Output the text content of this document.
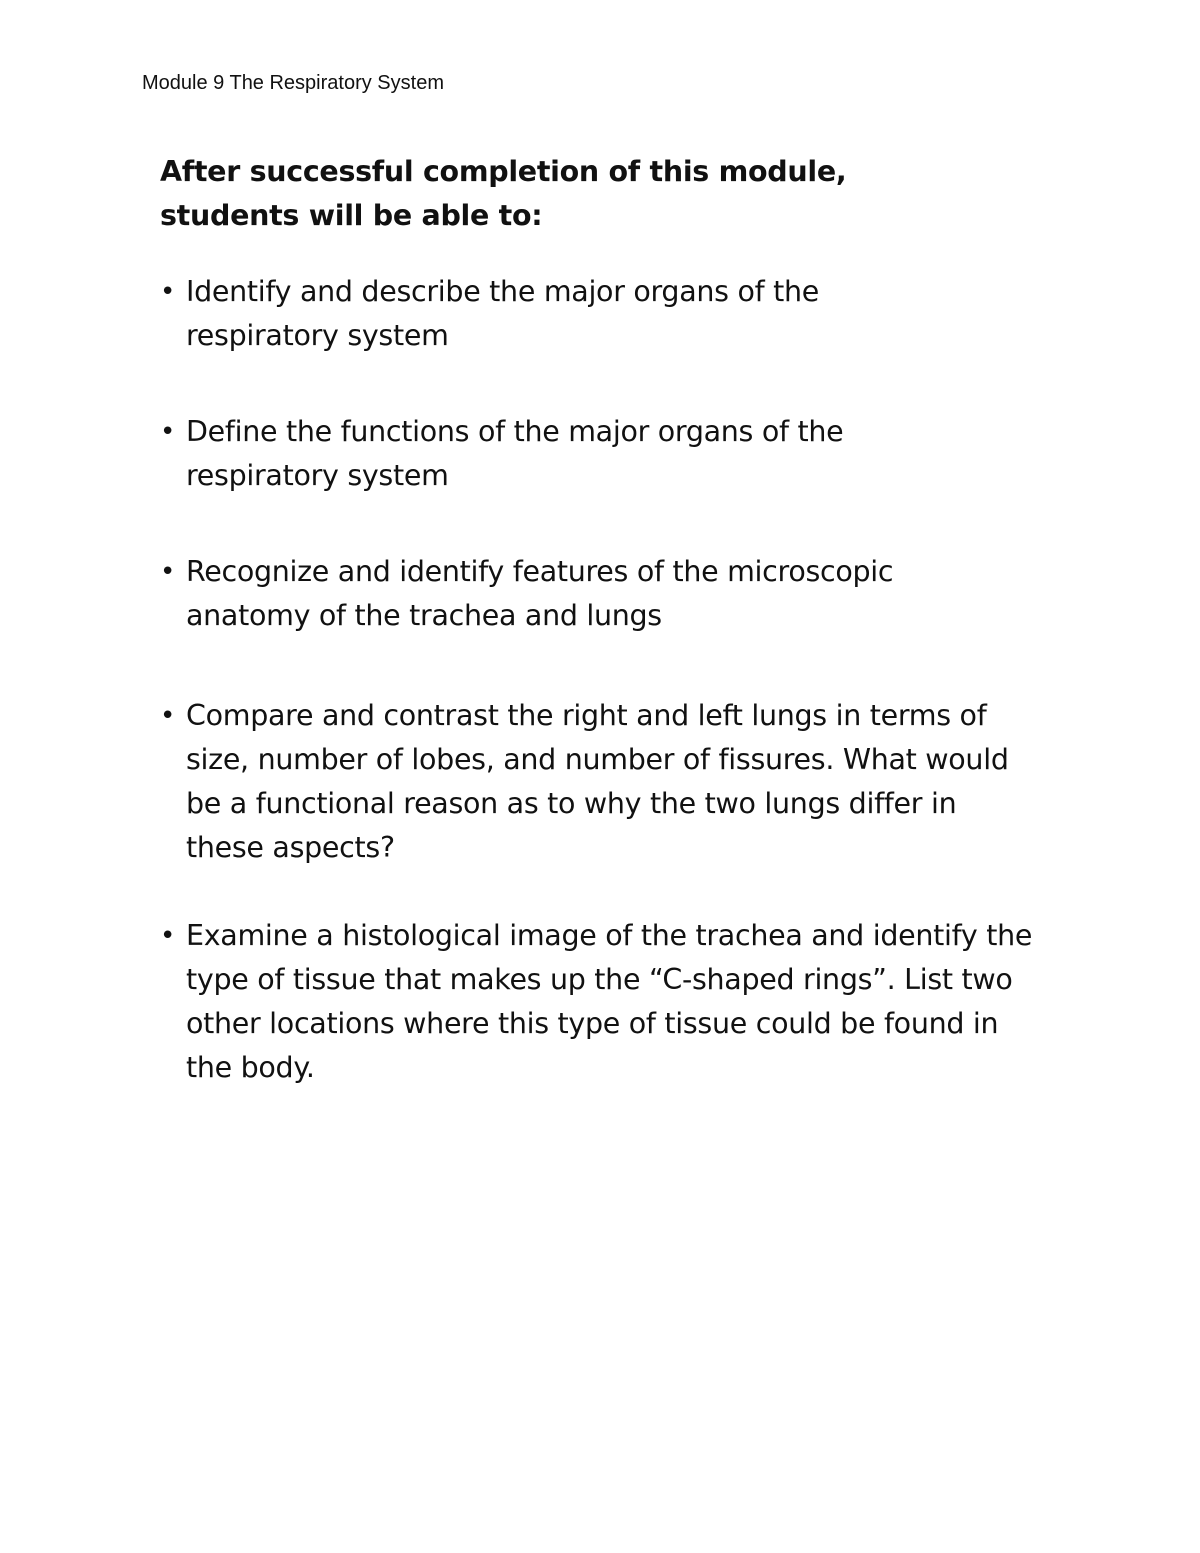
Module 9 The Respiratory System
After successful completion of this module,
students will be able to:
• Identify and describe the major organs of the respiratory system
• Define the functions of the major organs of the respiratory system
• Recognize and identify features of the microscopic anatomy of the trachea and lungs
• Compare and contrast the right and left lungs in terms of size, number of lobes, and number of fissures. What would be a functional reason as to why the two lungs differ in these aspects?
• Examine a histological image of the trachea and identify the type of tissue that makes up the “C-shaped rings”. List two other locations where this type of tissue could be found in the body.
